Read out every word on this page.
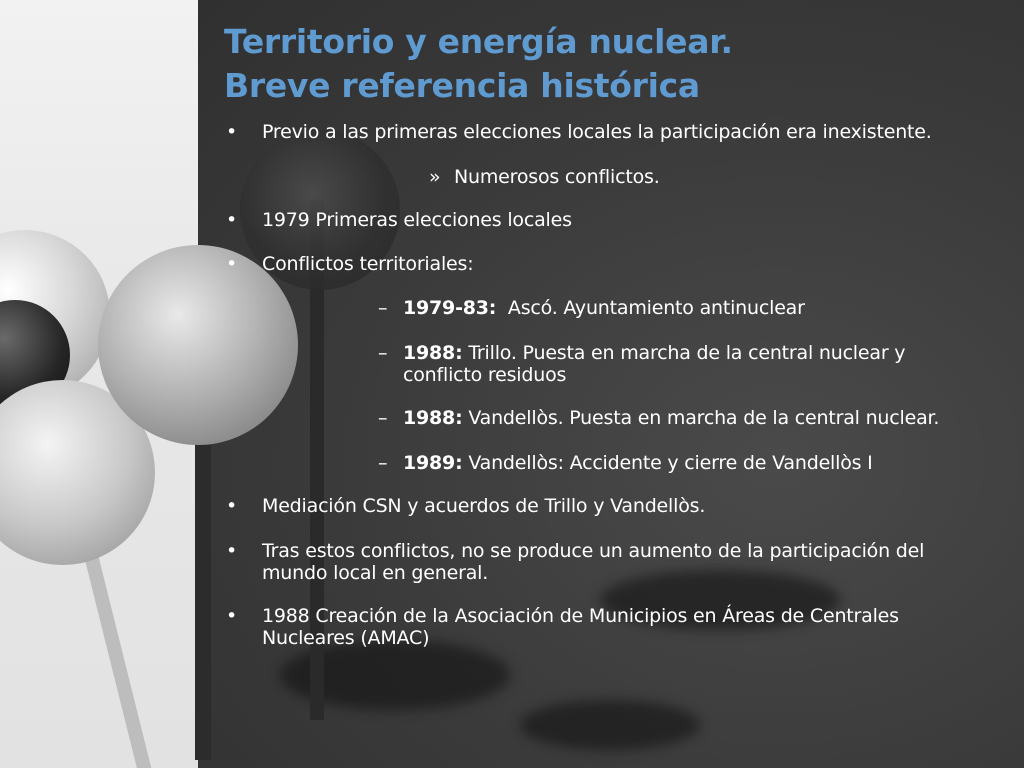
Territorio y energía nuclear.
Breve referencia histórica
• Previo a las primeras elecciones locales la participación era inexistente.
» Numerosos conflictos.
• 1979 Primeras elecciones locales
• Conflictos territoriales:
– 1979-83:  Ascó. Ayuntamiento antinuclear
– 1988: Trillo. Puesta en marcha de la central nuclear y
conflicto residuos
– 1988: Vandellòs. Puesta en marcha de la central nuclear.
– 1989: Vandellòs: Accidente y cierre de Vandellòs I
• Mediación CSN y acuerdos de Trillo y Vandellòs.
• Tras estos conflictos, no se produce un aumento de la participación del
mundo local en general.
• 1988 Creación de la Asociación de Municipios en Áreas de Centrales
Nucleares (AMAC)
